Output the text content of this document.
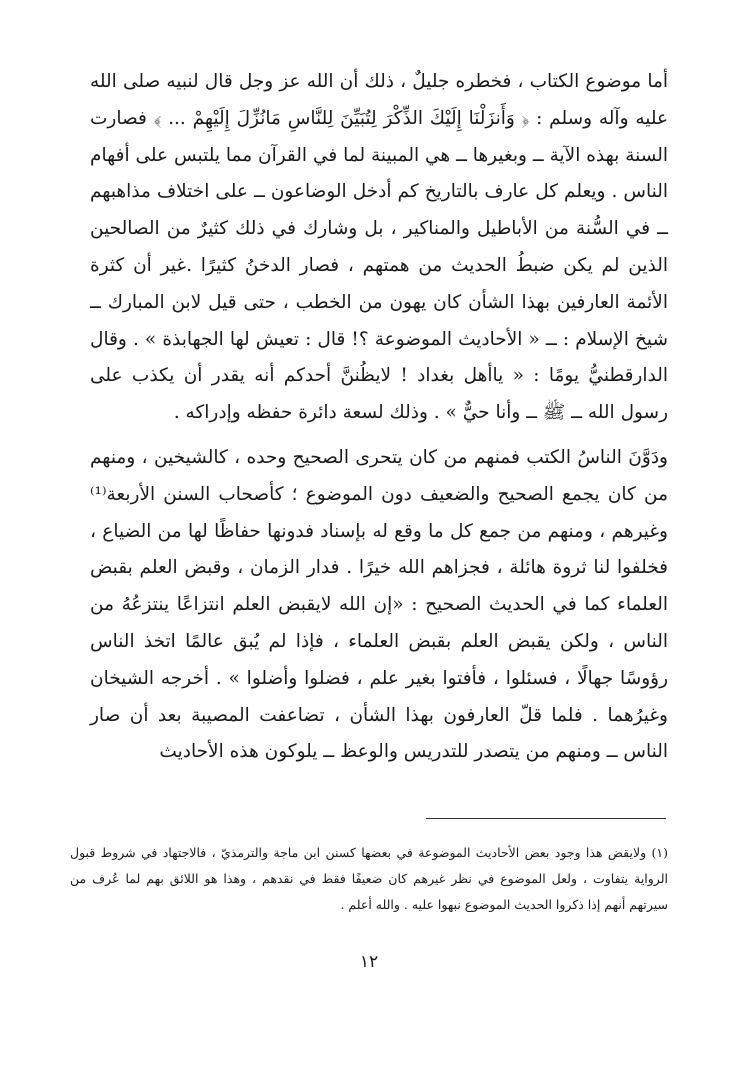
أما موضوع الكتاب ، فخطره جليلٌ ، ذلك أن الله عز وجل قال لنبيه صلى الله عليه وآله وسلم : ﴿ وَأَنزَلْنَا إِلَيْكَ الذِّكْرَ لِتُبَيِّنَ لِلنَّاسِ مَانُزِّلَ إِلَيْهِمْ ... ﴾ فصارت السنة بهذه الآية ــ وبغيرها ــ هي المبينة لما في القرآن مما يلتبس على أفهام الناس . ويعلم كل عارف بالتاريخ كم أدخل الوضاعون ــ على اختلاف مذاهبهم ــ في السُّنة من الأباطيل والمناكير ، بل وشارك في ذلك كثيرٌ من الصالحين الذين لم يكن ضبطُ الحديث من همتهم ، فصار الدخنُ كثيرًا .غير أن كثرة الأئمة العارفين بهذا الشأن كان يهون من الخطب ، حتى قيل لابن المبارك ــ شيخ الإسلام : ــ « الأحاديث الموضوعة ؟! قال : تعيش لها الجهابذة » . وقال الدارقطنيُّ يومًا : « ياأهل بغداد ! لايظُننَّ أحدكم أنه يقدر أن يكذب على رسول الله ــ ﷺ ــ وأنا حيٌّ » . وذلك لسعة دائرة حفظه وإدراكه .

ودَوَّنَ الناسُ الكتب فمنهم من كان يتحرى الصحيح وحده ، كالشيخين ، ومنهم من كان يجمع الصحيح والضعيف دون الموضوع ؛ كأصحاب السنن الأربعة⁽¹⁾ وغيرهم ، ومنهم من جمع كل ما وقع له بإسناد فدونها حفاظًا لها من الضياع ، فخلفوا لنا ثروة هائلة ، فجزاهم الله خيرًا . فدار الزمان ، وقبض العلم بقبض العلماء كما في الحديث الصحيح : «إن الله لايقبض العلم انتزاعًا ينتزعُهُ من الناس ، ولكن يقبض العلم بقبض العلماء ، فإذا لم يُبق عالمًا اتخذ الناس رؤوسًا جهالًا ، فسئلوا ، فأفتوا بغير علم ، فضلوا وأضلوا » . أخرجه الشيخان وغيرُهما . فلما قلّ العارفون بهذا الشأن ، تضاعفت المصيبة بعد أن صار الناس ــ ومنهم من يتصدر للتدريس والوعظ ــ يلوكون هذه الأحاديث

(١) ولايقض هذا وجود بعض الأحاديث الموضوعة في بعضها كسنن ابن ماجة والترمذيّ ، فالاجتهاد في شروط قبول الرواية يتفاوت ، ولعل الموضوع في نظر غيرهم كان ضعيفًا فقط في نقدهم ، وهذا هو اللائق بهم لما عُرف من سيرتهم أنهم إذا ذكروا الحديث الموضوع نبهوا عليه . والله أعلم .

١٢
